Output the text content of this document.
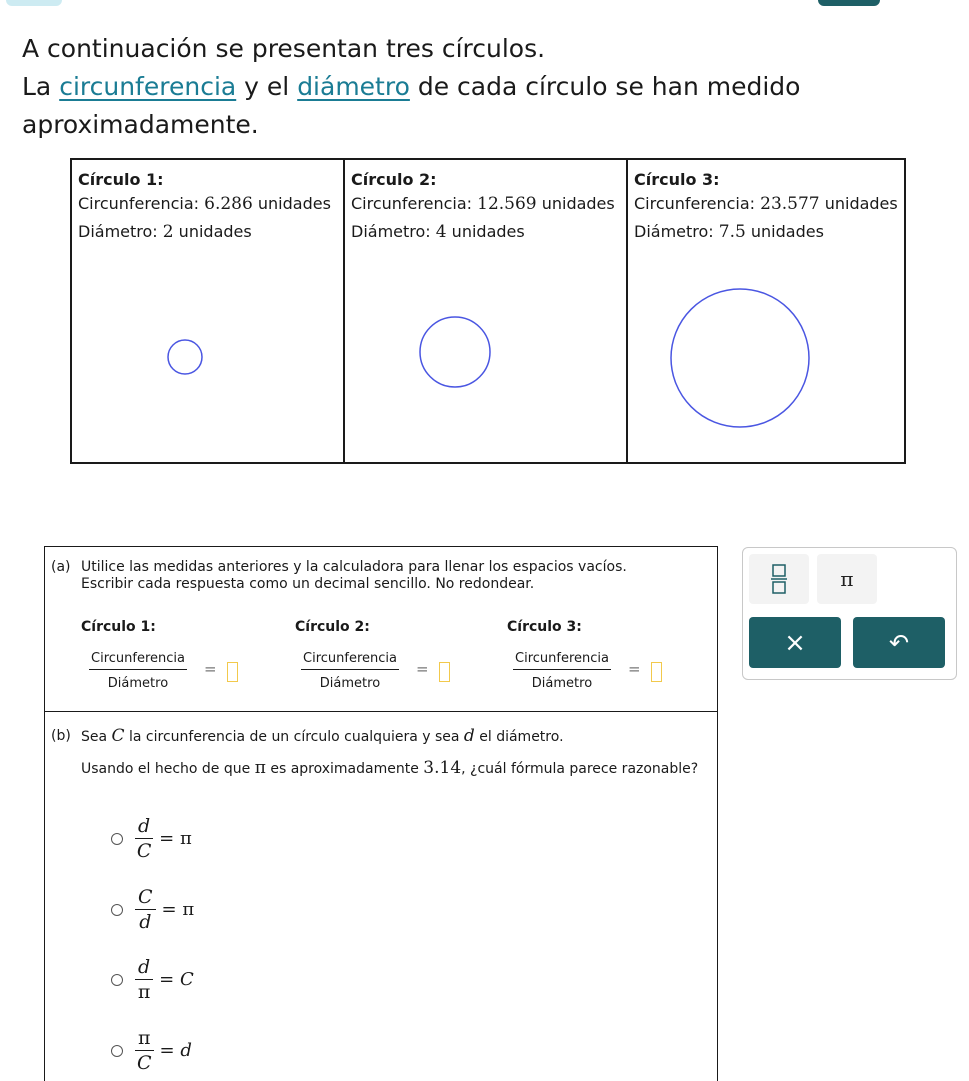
A continuación se presentan tres círculos.
La circunferencia y el diámetro de cada círculo se han medido
aproximadamente.
Círculo 1:
Circunferencia: 6.286 unidades
Diámetro: 2 unidades
Círculo 2:
Circunferencia: 12.569 unidades
Diámetro: 4 unidades
Círculo 3:
Circunferencia: 23.577 unidades
Diámetro: 7.5 unidades
(a) Utilice las medidas anteriores y la calculadora para llenar los espacios vacíos.
Escribir cada respuesta como un decimal sencillo. No redondear.
Círculo 1:
Circunferencia
Diámetro
=
Círculo 2:
Circunferencia
Diámetro
=
Círculo 3:
Circunferencia
Diámetro
=
(b) Sea C la circunferencia de un círculo cualquiera y sea d el diámetro.
Usando el hecho de que π es aproximadamente 3.14, ¿cuál fórmula parece razonable?
$\frac{d}{C} = \pi$
$\frac{C}{d} = \pi$
$\frac{d}{\pi} = C$
$\frac{\pi}{C} = d$
π
×	↶
